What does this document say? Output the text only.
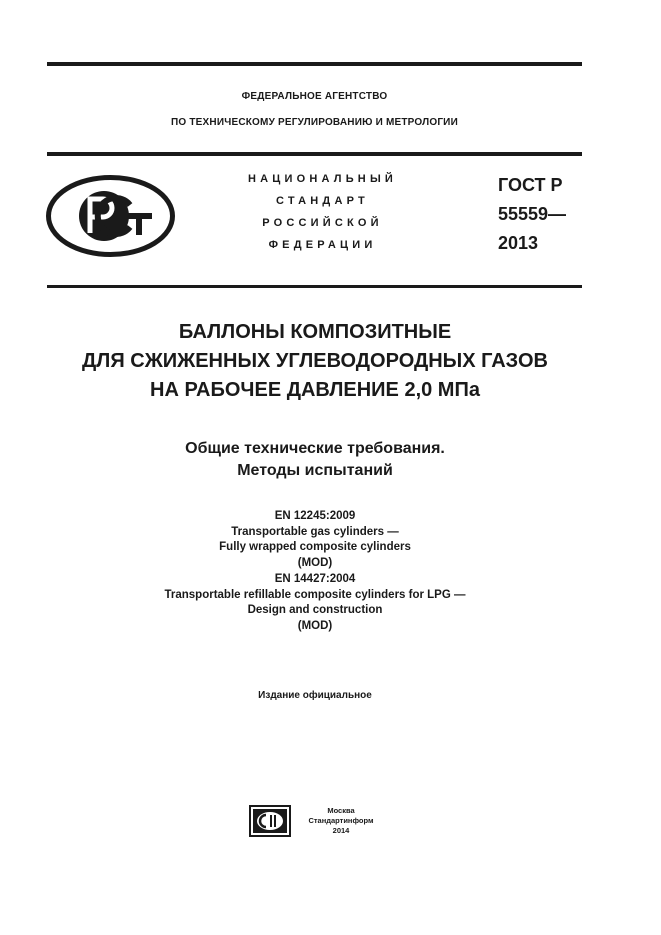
ФЕДЕРАЛЬНОЕ АГЕНТСТВО
ПО ТЕХНИЧЕСКОМУ РЕГУЛИРОВАНИЮ И МЕТРОЛОГИИ
НАЦИОНАЛЬНЫЙ
СТАНДАРТ
РОССИЙСКОЙ
ФЕДЕРАЦИИ
ГОСТ Р
55559—
2013
БАЛЛОНЫ КОМПОЗИТНЫЕ
ДЛЯ СЖИЖЕННЫХ УГЛЕВОДОРОДНЫХ ГАЗОВ
НА РАБОЧЕЕ ДАВЛЕНИЕ 2,0 МПа
Общие технические требования.
Методы испытаний
EN 12245:2009
Transportable gas cylinders —
Fully wrapped composite cylinders
(MOD)
EN 14427:2004
Transportable refillable composite cylinders for LPG —
Design and construction
(MOD)
Издание официальное
Москва
Стандартинформ
2014
